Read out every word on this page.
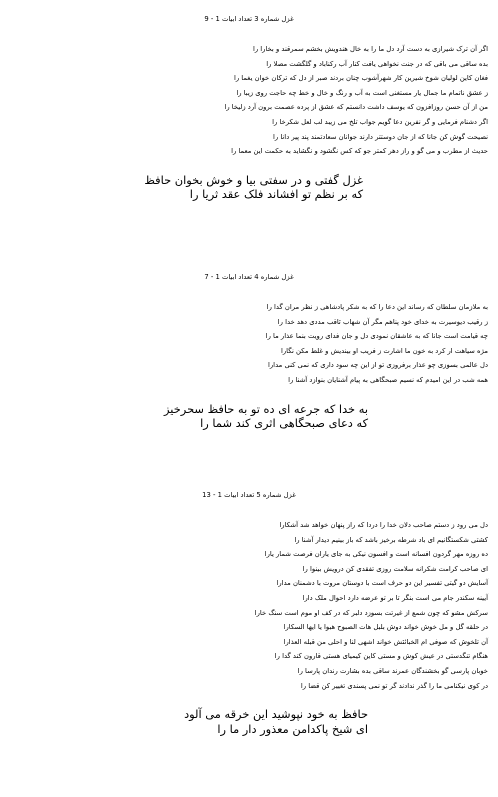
غزل شماره 3 تعداد ابیات 1 - 9
اگر آن ترک شیرازی به دست آرد دل ما را به خال هندویش بخشم سمرقند و بخارا را
بده ساقی می باقی که در جنت نخواهی یافت کنار آب رکناباد و گلگشت مصلا را
فغان کاین لولیان شوخ شیرین کار شهرآشوب چنان بردند صبر از دل که ترکان خوان یغما را
ز عشق ناتمام ما جمال یار مستغنی است به آب و رنگ و خال و خط چه حاجت روی زیبا را
من از آن حسن روزافزون که یوسف داشت دانستم که عشق از پرده عصمت برون آرد زلیخا را
اگر دشنام فرمایی و گر نفرین دعا گویم جواب تلخ می زیبد لب لعل شکرخا را
نصیحت گوش کن جانا که از جان دوستتر دارند جوانان سعادتمند پند پیر دانا را
حدیث از مطرب و می گو و راز دهر کمتر جو که کس نگشود و نگشاید به حکمت این معما را
غزل گفتی و در سفتی بیا و خوش بخوان حافظ
که بر نظم تو افشاند فلک عقد ثریا را
غزل شماره 4 تعداد ابیات 1 - 7
به ملازمان سلطان که رساند این دعا را که به شکر پادشاهی ز نظر مران گدا را
ز رقیب دیوسیرت به خدای خود پناهم مگر آن شهاب ثاقب مددی دهد خدا را
چه قیامت است جانا که به عاشقان نمودی دل و جان فدای رویت بنما عذار ما را
مژه سیاهت ار کرد به خون ما اشارت ز فریب او بیندیش و غلط مکن نگارا
دل عالمی بسوزی چو عذار برفروزی تو از این چه سود داری که نمی کنی مدارا
همه شب در این امیدم که نسیم صبحگاهی به پیام آشنایان بنوازد آشنا را
به خدا که جرعه ای ده تو به حافظ سحرخیز
که دعای صبحگاهی اثری کند شما را
غزل شماره 5 تعداد ابیات 1 - 13
دل می رود ز دستم صاحب دلان خدا را دردا که راز پنهان خواهد شد آشکارا
کشتی شکستگانیم ای باد شرطه برخیز باشد که باز بینیم دیدار آشنا را
ده روزه مهر گردون افسانه است و افسون نیکی به جای یاران فرصت شمار یارا
ای صاحب کرامت شکرانه سلامت روزی تفقدی کن درویش بینوا را
آسایش دو گیتی تفسیر این دو حرف است با دوستان مروت با دشمنان مدارا
آیینه سکندر جام می است بنگر تا بر تو عرضه دارد احوال ملک دارا
سرکش مشو که چون شمع از غیرتت بسوزد دلبر که در کف او موم است سنگ خارا
در حلقه گل و مل خوش خواند دوش بلبل هات الصبوح هبوا یا ایها السکارا
آن تلخوش که صوفی ام الخبائثش خواند اشهی لنا و احلی من قبله العذارا
هنگام تنگدستی در عیش کوش و مستی کاین کیمیای هستی قارون کند گدا را
خوبان پارسی گو بخشندگان عمرند ساقی بده بشارت رندان پارسا را
در کوی نیکنامی ما را گذر ندادند گر تو نمی پسندی تغییر کن قضا را
حافظ به خود نپوشید این خرقه می آلود
ای شیخ پاکدامن معذور دار ما را
